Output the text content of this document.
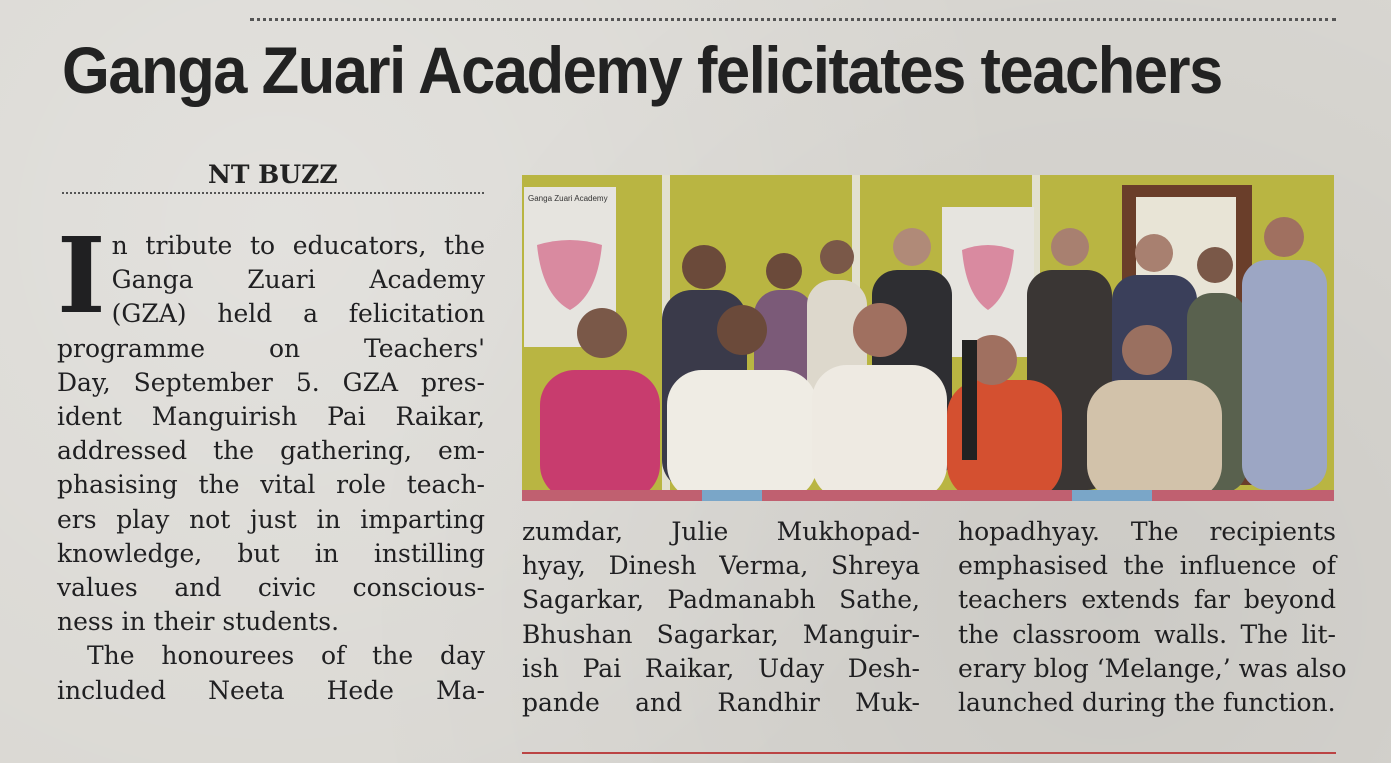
Ganga Zuari Academy felicitates teachers
NT BUZZ
I n tribute to educators, the
Ganga Zuari Academy
(GZA) held a felicitation
programme on Teachers'
Day, September 5. GZA pres-
ident Manguirish Pai Raikar,
addressed the gathering, em-
phasising the vital role teach-
ers play not just in imparting
knowledge, but in instilling
values and civic conscious-
ness in their students.
The honourees of the day
included Neeta Hede Ma-
zumdar, Julie Mukhopad-
hyay, Dinesh Verma, Shreya
Sagarkar, Padmanabh Sathe,
Bhushan Sagarkar, Manguir-
ish Pai Raikar, Uday Desh-
pande and Randhir Muk-
hopadhyay. The recipients
emphasised the influence of
teachers extends far beyond
the classroom walls. The lit-
erary blog ‘Melange,’ was also
launched during the function.
Ganga Zuari Academy
